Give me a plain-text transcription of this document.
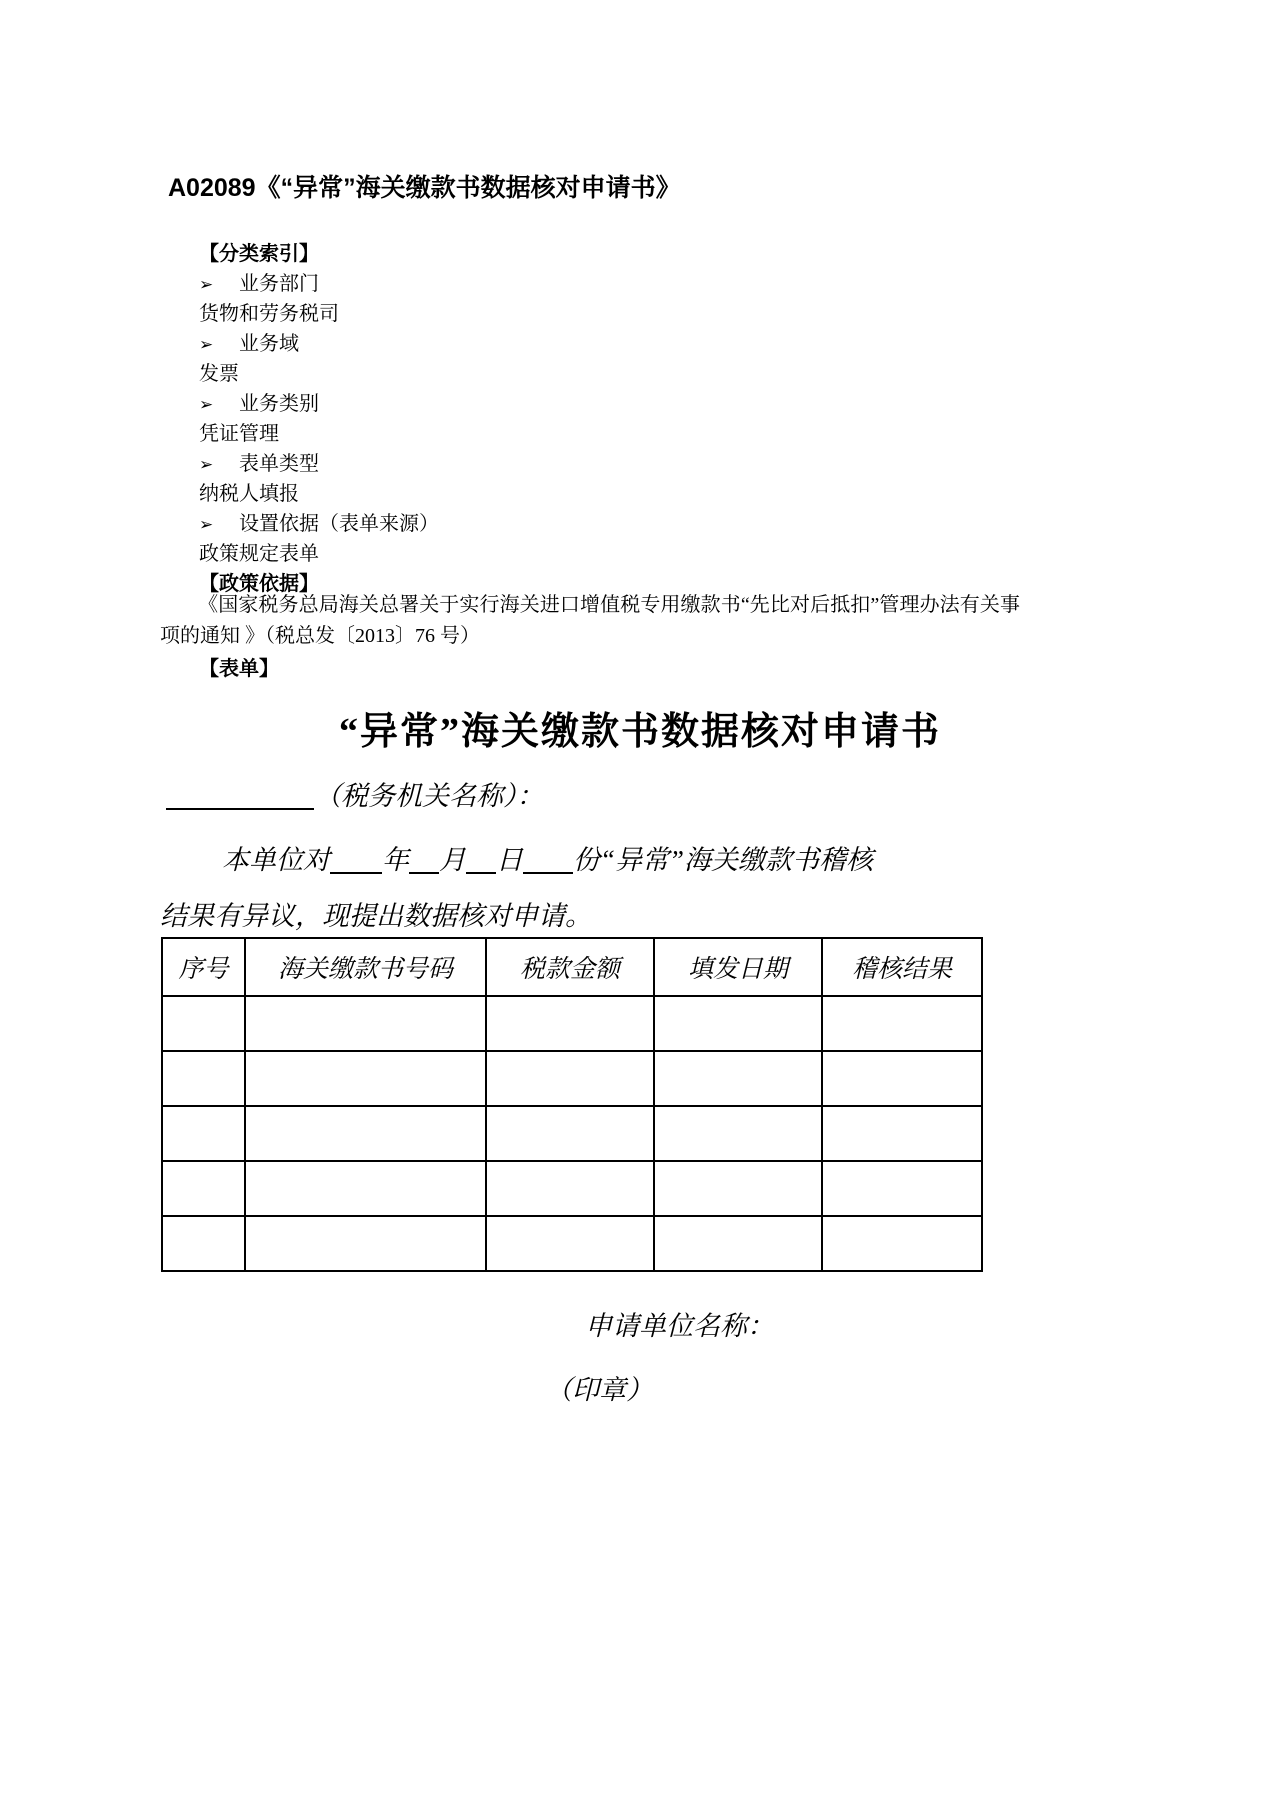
A02089《“异常”海关缴款书数据核对申请书》
【分类索引】
➢ 业务部门
货物和劳务税司
➢ 业务域
发票
➢ 业务类别
凭证管理
➢ 表单类型
纳税人填报
➢ 设置依据（表单来源）
政策规定表单
【政策依据】
《国家税务总局海关总署关于实行海关进口增值税专用缴款书“先比对后抵扣”管理办法有关事项的通知 》（税总发〔2013〕76 号）
【表单】
“异常”海关缴款书数据核对申请书
（税务机关名称）：
本单位对 年 月 日 份“异常”海关缴款书稽核
结果有异议，现提出数据核对申请。
序号	海关缴款书号码	税款金额	填发日期	稽核结果

申请单位名称：
（印章）
